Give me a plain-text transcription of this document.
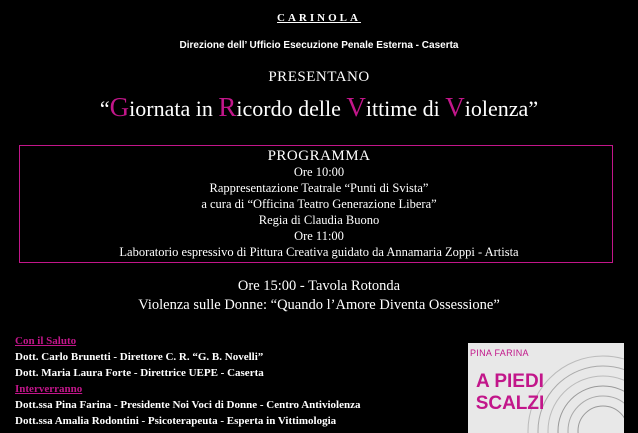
CARINOLA
Direzione dell’ Ufficio Esecuzione Penale Esterna - Caserta
PRESENTANO
“Giornata in Ricordo delle Vittime di Violenza”
PROGRAMMA
Ore 10:00
Rappresentazione Teatrale “Punti di Svista”
a cura di “Officina Teatro Generazione Libera”
Regia di Claudia Buono
Ore 11:00
Laboratorio espressivo di Pittura Creativa guidato da Annamaria Zoppi - Artista
Ore 15:00 - Tavola Rotonda
Violenza sulle Donne: “Quando l’Amore Diventa Ossessione”
Con il Saluto
Dott. Carlo Brunetti - Direttore C. R. “G. B. Novelli”
Dott. Maria Laura Forte - Direttrice UEPE - Caserta
Interverranno
Dott.ssa Pina Farina - Presidente Noi Voci di Donne - Centro Antiviolenza
Dott.ssa Amalia Rodontini - Psicoterapeuta - Esperta in Vittimologia
PINA FARINA
A PIEDI
SCALZI
